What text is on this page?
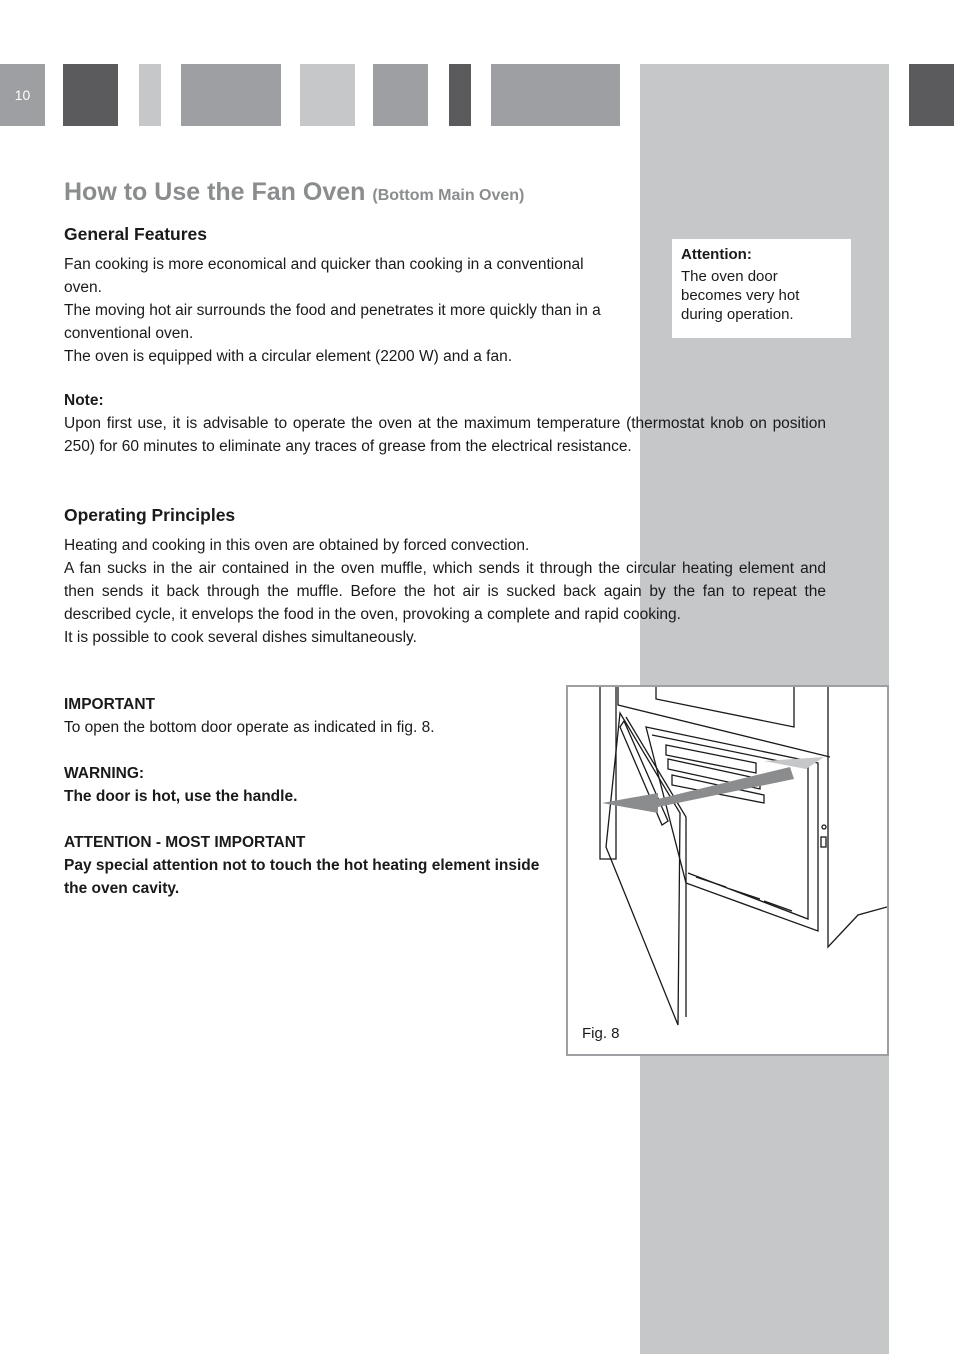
10
How to Use the Fan Oven (Bottom Main Oven)
General Features

Fan cooking is more economical and quicker than cooking in a conventional oven.

The moving hot air surrounds the food and penetrates it more quickly than in a conventional oven.

The oven is equipped with a circular element (2200 W) and a fan.

Attention:

The oven door becomes very hot during operation.

Note:

Upon first use, it is advisable to operate the oven at the maximum temperature (thermostat knob on position 250) for 60 minutes to eliminate any traces of grease from the electrical resistance.

Operating Principles

Heating and cooking in this oven are obtained by forced convection.

A fan sucks in the air contained in the oven muffle, which sends it through the circular heating element and then sends it back through the muffle. Before the hot air is sucked back again by the fan to repeat the described cycle, it envelops the food in the oven, provoking a complete and rapid cooking.

It is possible to cook several dishes simultaneously.

IMPORTANT

To open the bottom door operate as indicated in fig. 8.

WARNING:

The door is hot, use the handle.

ATTENTION - MOST IMPORTANT

Pay special attention not to touch the hot heating element inside the oven cavity.

Fig. 8
